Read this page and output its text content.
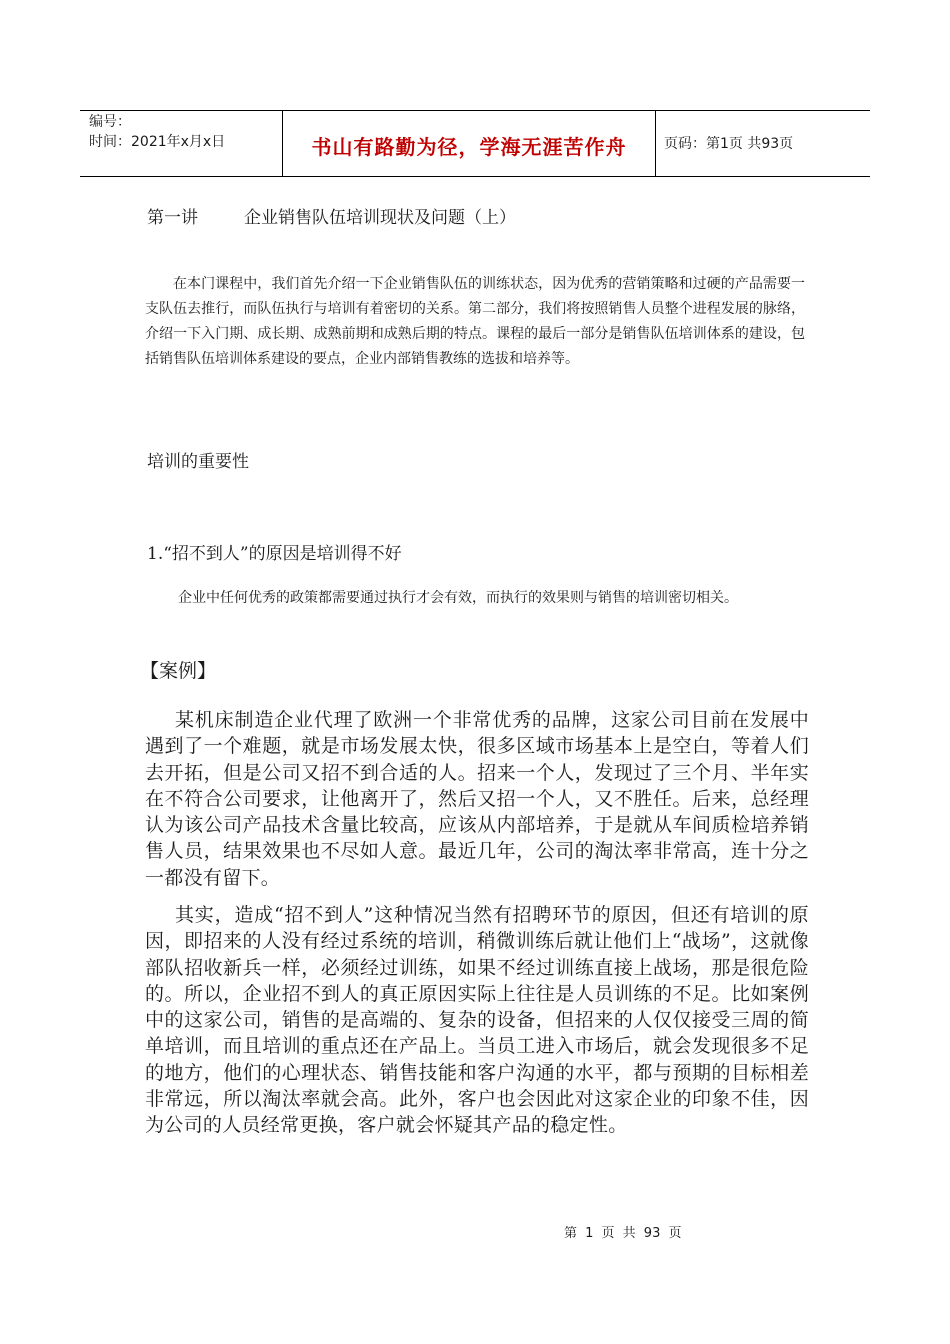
编号：
时间：2021年x月x日	书山有路勤为径，学海无涯苦作舟	页码：第1页 共93页
第一讲	企业销售队伍培训现状及问题（上）
在本门课程中，我们首先介绍一下企业销售队伍的训练状态，因为优秀的营销策略和过硬的产品需要一支队伍去推行，而队伍执行与培训有着密切的关系。第二部分，我们将按照销售人员整个进程发展的脉络，介绍一下入门期、成长期、成熟前期和成熟后期的特点。课程的最后一部分是销售队伍培训体系的建设，包括销售队伍培训体系建设的要点，企业内部销售教练的选拔和培养等。
培训的重要性
1.“招不到人”的原因是培训得不好
企业中任何优秀的政策都需要通过执行才会有效，而执行的效果则与销售的培训密切相关。
【案例】
某机床制造企业代理了欧洲一个非常优秀的品牌，这家公司目前在发展中遇到了一个难题，就是市场发展太快，很多区域市场基本上是空白，等着人们去开拓，但是公司又招不到合适的人。招来一个人，发现过了三个月、半年实在不符合公司要求，让他离开了，然后又招一个人，又不胜任。后来，总经理认为该公司产品技术含量比较高，应该从内部培养，于是就从车间质检培养销售人员，结果效果也不尽如人意。最近几年，公司的淘汰率非常高，连十分之一都没有留下。
其实，造成“招不到人”这种情况当然有招聘环节的原因，但还有培训的原因，即招来的人没有经过系统的培训，稍微训练后就让他们上“战场”，这就像部队招收新兵一样，必须经过训练，如果不经过训练直接上战场，那是很危险的。所以，企业招不到人的真正原因实际上往往是人员训练的不足。比如案例中的这家公司，销售的是高端的、复杂的设备，但招来的人仅仅接受三周的简单培训，而且培训的重点还在产品上。当员工进入市场后，就会发现很多不足的地方，他们的心理状态、销售技能和客户沟通的水平，都与预期的目标相差非常远，所以淘汰率就会高。此外，客户也会因此对这家企业的印象不佳，因为公司的人员经常更换，客户就会怀疑其产品的稳定性。
第 1 页 共 93 页
